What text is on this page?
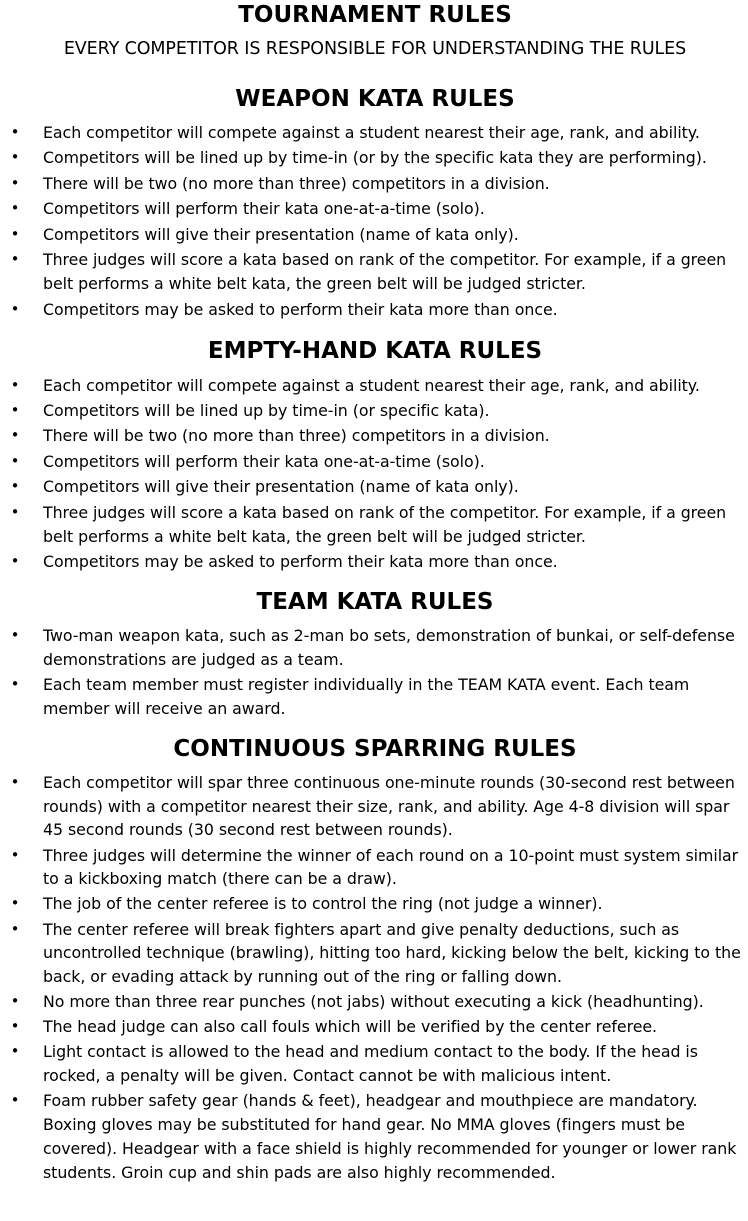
TOURNAMENT RULES

EVERY COMPETITOR IS RESPONSIBLE FOR UNDERSTANDING THE RULES

WEAPON KATA RULES
• Each competitor will compete against a student nearest their age, rank, and ability.
• Competitors will be lined up by time-in (or by the specific kata they are performing).
• There will be two (no more than three) competitors in a division.
• Competitors will perform their kata one-at-a-time (solo).
• Competitors will give their presentation (name of kata only).
• Three judges will score a kata based on rank of the competitor. For example, if a green belt performs a white belt kata, the green belt will be judged stricter.
• Competitors may be asked to perform their kata more than once.
EMPTY-HAND KATA RULES
• Each competitor will compete against a student nearest their age, rank, and ability.
• Competitors will be lined up by time-in (or specific kata).
• There will be two (no more than three) competitors in a division.
• Competitors will perform their kata one-at-a-time (solo).
• Competitors will give their presentation (name of kata only).
• Three judges will score a kata based on rank of the competitor. For example, if a green belt performs a white belt kata, the green belt will be judged stricter.
• Competitors may be asked to perform their kata more than once.
TEAM KATA RULES
• Two-man weapon kata, such as 2-man bo sets, demonstration of bunkai, or self-defense demonstrations are judged as a team.
• Each team member must register individually in the TEAM KATA event. Each team member will receive an award.
CONTINUOUS SPARRING RULES
• Each competitor will spar three continuous one-minute rounds (30-second rest between rounds) with a competitor nearest their size, rank, and ability. Age 4-8 division will spar 45 second rounds (30 second rest between rounds).
• Three judges will determine the winner of each round on a 10-point must system similar to a kickboxing match (there can be a draw).
• The job of the center referee is to control the ring (not judge a winner).
• The center referee will break fighters apart and give penalty deductions, such as uncontrolled technique (brawling), hitting too hard, kicking below the belt, kicking to the back, or evading attack by running out of the ring or falling down.
• No more than three rear punches (not jabs) without executing a kick (headhunting).
• The head judge can also call fouls which will be verified by the center referee.
• Light contact is allowed to the head and medium contact to the body. If the head is rocked, a penalty will be given. Contact cannot be with malicious intent.
• Foam rubber safety gear (hands & feet), headgear and mouthpiece are mandatory. Boxing gloves may be substituted for hand gear. No MMA gloves (fingers must be covered). Headgear with a face shield is highly recommended for younger or lower rank students. Groin cup and shin pads are also highly recommended.
